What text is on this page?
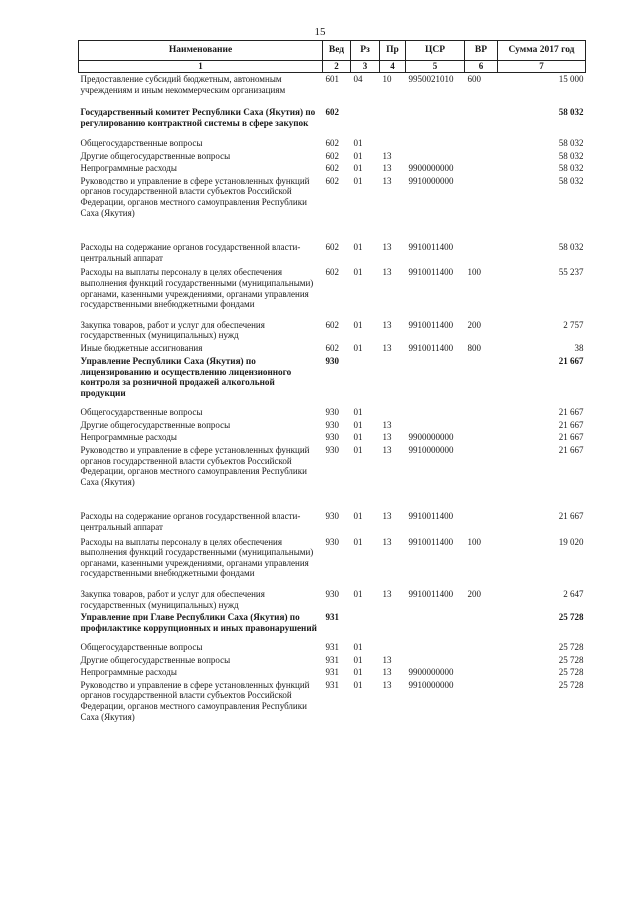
15
Наименование	Вед	Рз	Пр	ЦСР	ВР	Сумма 2017 год
1	2	3	4	5	6	7
Предоставление субсидий бюджетным, автономным учреждениям и иным некоммерческим организациям	601	04	10	9950021010	600	15 000
Государственный комитет Республики Саха (Якутия) по регулированию контрактной системы в сфере закупок	602					58 032
Общегосударственные вопросы	602	01				58 032
Другие общегосударственные вопросы	602	01	13			58 032
Непрограммные расходы	602	01	13	9900000000		58 032
Руководство и управление в сфере установленных функций органов государственной власти субъектов Российской Федерации, органов местного самоуправления Республики Саха (Якутия)	602	01	13	9910000000		58 032
Расходы на содержание органов государственной власти- центральный аппарат	602	01	13	9910011400		58 032
Расходы на выплаты персоналу в целях обеспечения выполнения функций государственными (муниципальными) органами, казенными учреждениями, органами управления государственными внебюджетными фондами	602	01	13	9910011400	100	55 237
Закупка товаров, работ и услуг для обеспечения государственных (муниципальных) нужд	602	01	13	9910011400	200	2 757
Иные бюджетные ассигнования	602	01	13	9910011400	800	38
Управление Республики Саха (Якутия) по лицензированию и осуществлению лицензионного контроля за розничной продажей алкогольной продукции	930					21 667
Общегосударственные вопросы	930	01				21 667
Другие общегосударственные вопросы	930	01	13			21 667
Непрограммные расходы	930	01	13	9900000000		21 667
Руководство и управление в сфере установленных функций органов государственной власти субъектов Российской Федерации, органов местного самоуправления Республики Саха (Якутия)	930	01	13	9910000000		21 667
Расходы на содержание органов государственной власти- центральный аппарат	930	01	13	9910011400		21 667
Расходы на выплаты персоналу в целях обеспечения выполнения функций государственными (муниципальными) органами, казенными учреждениями, органами управления государственными внебюджетными фондами	930	01	13	9910011400	100	19 020
Закупка товаров, работ и услуг для обеспечения государственных (муниципальных) нужд	930	01	13	9910011400	200	2 647
Управление при Главе Республики Саха (Якутия) по профилактике коррупционных и иных правонарушений	931					25 728
Общегосударственные вопросы	931	01				25 728
Другие общегосударственные вопросы	931	01	13			25 728
Непрограммные расходы	931	01	13	9900000000		25 728
Руководство и управление в сфере установленных функций органов государственной власти субъектов Российской Федерации, органов местного самоуправления Республики Саха (Якутия)	931	01	13	9910000000		25 728
